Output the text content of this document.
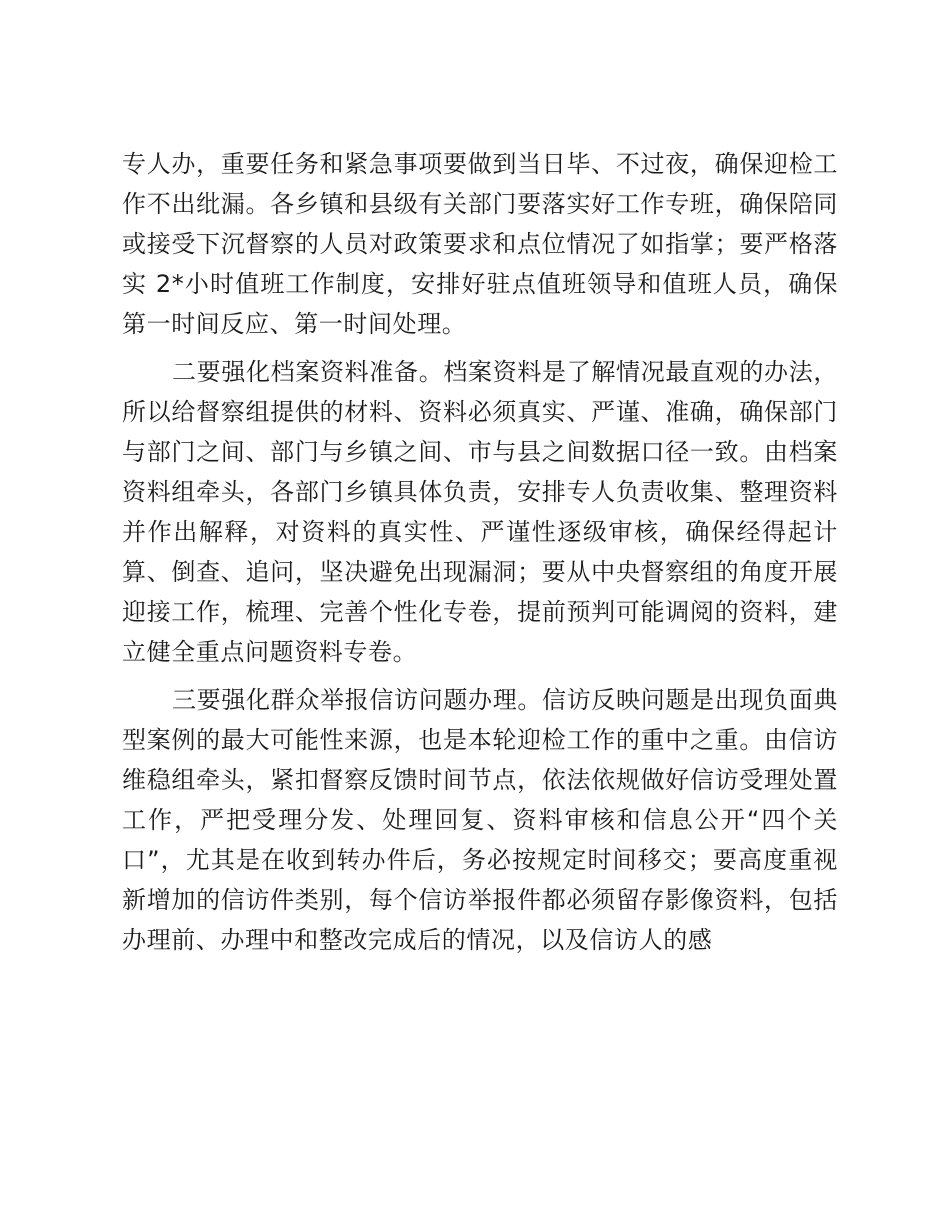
专人办，重要任务和紧急事项要做到当日毕、不过夜，确保迎检工作不出纰漏。各乡镇和县级有关部门要落实好工作专班，确保陪同或接受下沉督察的人员对政策要求和点位情况了如指掌；要严格落实 2*小时值班工作制度，安排好驻点值班领导和值班人员，确保第一时间反应、第一时间处理。

二要强化档案资料准备。档案资料是了解情况最直观的办法，所以给督察组提供的材料、资料必须真实、严谨、准确，确保部门与部门之间、部门与乡镇之间、市与县之间数据口径一致。由档案资料组牵头，各部门乡镇具体负责，安排专人负责收集、整理资料并作出解释，对资料的真实性、严谨性逐级审核，确保经得起计算、倒查、追问，坚决避免出现漏洞；要从中央督察组的角度开展迎接工作，梳理、完善个性化专卷，提前预判可能调阅的资料，建立健全重点问题资料专卷。

三要强化群众举报信访问题办理。信访反映问题是出现负面典型案例的最大可能性来源，也是本轮迎检工作的重中之重。由信访维稳组牵头，紧扣督察反馈时间节点，依法依规做好信访受理处置工作，严把受理分发、处理回复、资料审核和信息公开“四个关口”，尤其是在收到转办件后，务必按规定时间移交；要高度重视新增加的信访件类别，每个信访举报件都必须留存影像资料，包括办理前、办理中和整改完成后的情况，以及信访人的感
